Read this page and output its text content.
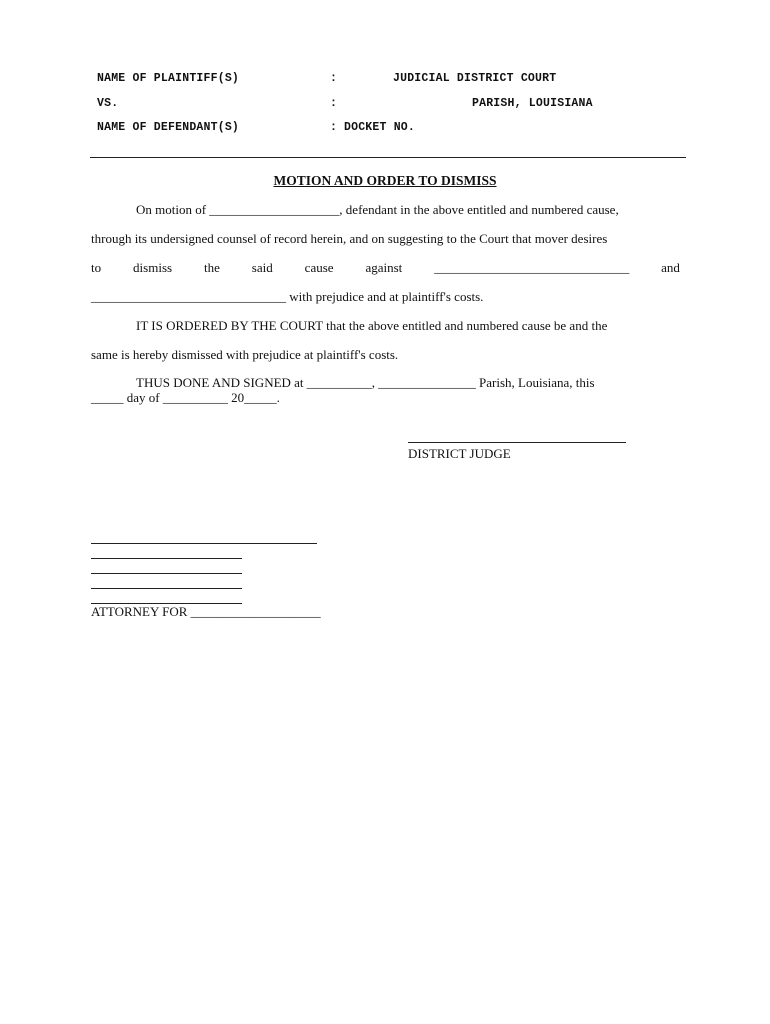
NAME OF PLAINTIFF(S)	:	JUDICIAL DISTRICT COURT
VS.	:	PARISH, LOUISIANA
NAME OF DEFENDANT(S)	: DOCKET NO.
MOTION AND ORDER TO DISMISS
On motion of ____________________, defendant in the above entitled and numbered cause,
through its undersigned counsel of record herein, and on suggesting to the Court that mover desires
to dismiss the said cause against ______________________________ and
______________________________ with prejudice and at plaintiff's costs.
IT IS ORDERED BY THE COURT that the above entitled and numbered cause be and the
same is hereby dismissed with prejudice at plaintiff's costs.
THUS DONE AND SIGNED at __________, _______________ Parish, Louisiana, this
_____ day of __________ 20_____.
DISTRICT JUDGE
ATTORNEY FOR ____________________
